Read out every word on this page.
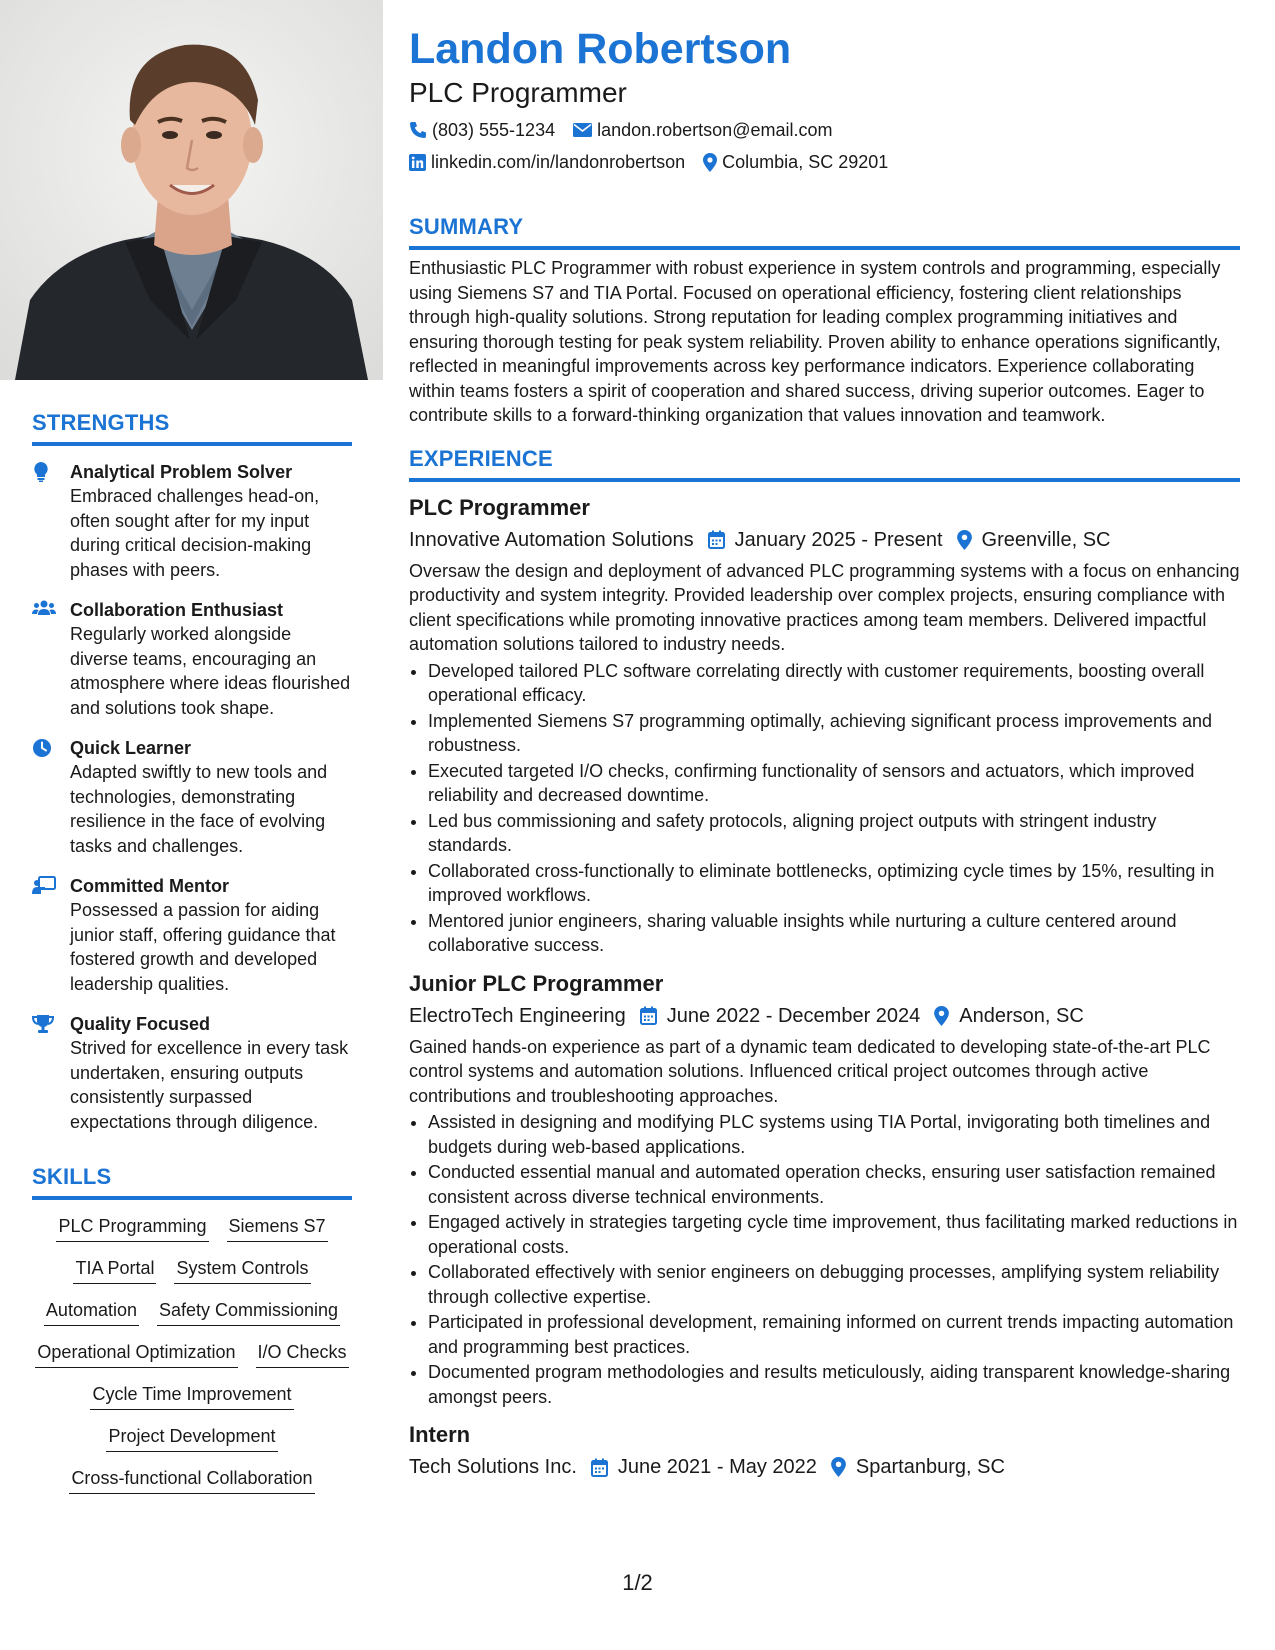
STRENGTHS
Analytical Problem Solver
Embraced challenges head-on, often sought after for my input during critical decision-making phases with peers.
Collaboration Enthusiast
Regularly worked alongside diverse teams, encouraging an atmosphere where ideas flourished and solutions took shape.
Quick Learner
Adapted swiftly to new tools and technologies, demonstrating resilience in the face of evolving tasks and challenges.
Committed Mentor
Possessed a passion for aiding junior staff, offering guidance that fostered growth and developed leadership qualities.
Quality Focused
Strived for excellence in every task undertaken, ensuring outputs consistently surpassed expectations through diligence.
SKILLS
PLC Programming Siemens S7
TIA Portal System Controls
Automation Safety Commissioning
Operational Optimization I/O Checks
Cycle Time Improvement
Project Development
Cross-functional Collaboration
Landon Robertson
PLC Programmer
(803) 555-1234 landon.robertson@email.com
linkedin.com/in/landonrobertson Columbia, SC 29201
SUMMARY
Enthusiastic PLC Programmer with robust experience in system controls and programming, especially using Siemens S7 and TIA Portal. Focused on operational efficiency, fostering client relationships through high-quality solutions. Strong reputation for leading complex programming initiatives and ensuring thorough testing for peak system reliability. Proven ability to enhance operations significantly, reflected in meaningful improvements across key performance indicators. Experience collaborating within teams fosters a spirit of cooperation and shared success, driving superior outcomes. Eager to contribute skills to a forward-thinking organization that values innovation and teamwork.
EXPERIENCE
PLC Programmer
Innovative Automation Solutions January 2025 - Present Greenville, SC
Oversaw the design and deployment of advanced PLC programming systems with a focus on enhancing productivity and system integrity. Provided leadership over complex projects, ensuring compliance with client specifications while promoting innovative practices among team members. Delivered impactful automation solutions tailored to industry needs.
• Developed tailored PLC software correlating directly with customer requirements, boosting overall operational efficacy.
• Implemented Siemens S7 programming optimally, achieving significant process improvements and robustness.
• Executed targeted I/O checks, confirming functionality of sensors and actuators, which improved reliability and decreased downtime.
• Led bus commissioning and safety protocols, aligning project outputs with stringent industry standards.
• Collaborated cross-functionally to eliminate bottlenecks, optimizing cycle times by 15%, resulting in improved workflows.
• Mentored junior engineers, sharing valuable insights while nurturing a culture centered around collaborative success.
Junior PLC Programmer
ElectroTech Engineering June 2022 - December 2024 Anderson, SC
Gained hands-on experience as part of a dynamic team dedicated to developing state-of-the-art PLC control systems and automation solutions. Influenced critical project outcomes through active contributions and troubleshooting approaches.
• Assisted in designing and modifying PLC systems using TIA Portal, invigorating both timelines and budgets during web-based applications.
• Conducted essential manual and automated operation checks, ensuring user satisfaction remained consistent across diverse technical environments.
• Engaged actively in strategies targeting cycle time improvement, thus facilitating marked reductions in operational costs.
• Collaborated effectively with senior engineers on debugging processes, amplifying system reliability through collective expertise.
• Participated in professional development, remaining informed on current trends impacting automation and programming best practices.
• Documented program methodologies and results meticulously, aiding transparent knowledge-sharing amongst peers.
Intern
Tech Solutions Inc. June 2021 - May 2022 Spartanburg, SC
1/2
